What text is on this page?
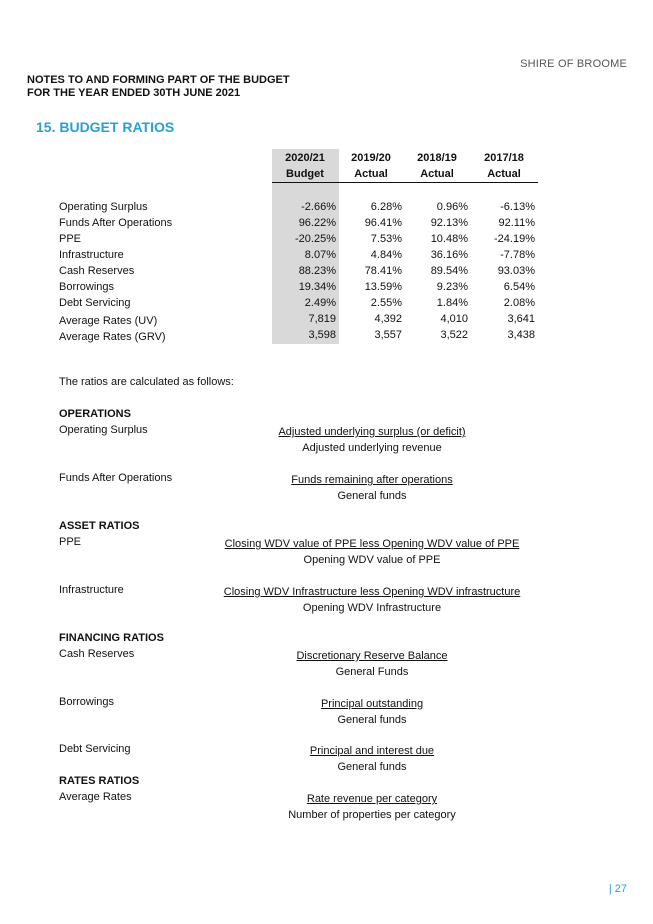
SHIRE OF BROOME
NOTES TO AND FORMING PART OF THE BUDGET
FOR THE YEAR ENDED 30TH JUNE 2021
15. BUDGET RATIOS
2020/21	2019/20	2018/19	2017/18
Budget	Actual	Actual	Actual
Operating Surplus	-2.66%	6.28%	0.96%	-6.13%
Funds After Operations	96.22%	96.41%	92.13%	92.11%
PPE	-20.25%	7.53%	10.48%	-24.19%
Infrastructure	8.07%	4.84%	36.16%	-7.78%
Cash Reserves	88.23%	78.41%	89.54%	93.03%
Borrowings	19.34%	13.59%	9.23%	6.54%
Debt Servicing	2.49%	2.55%	1.84%	2.08%
Average Rates (UV)	7,819	4,392	4,010	3,641
Average Rates (GRV)	3,598	3,557	3,522	3,438
The ratios are calculated as follows:
OPERATIONS
Operating Surplus	Adjusted underlying surplus (or deficit)
Adjusted underlying revenue
Funds After Operations	Funds remaining after operations
General funds
ASSET RATIOS
PPE	Closing WDV value of PPE less Opening WDV value of PPE
Opening WDV value of PPE
Infrastructure	Closing WDV Infrastructure less Opening WDV infrastructure
Opening WDV Infrastructure
FINANCING RATIOS
Cash Reserves	Discretionary Reserve Balance
General Funds
Borrowings	Principal outstanding
General funds
Debt Servicing	Principal and interest due
General funds
RATES RATIOS
Average Rates	Rate revenue per category
Number of properties per category
| 27
